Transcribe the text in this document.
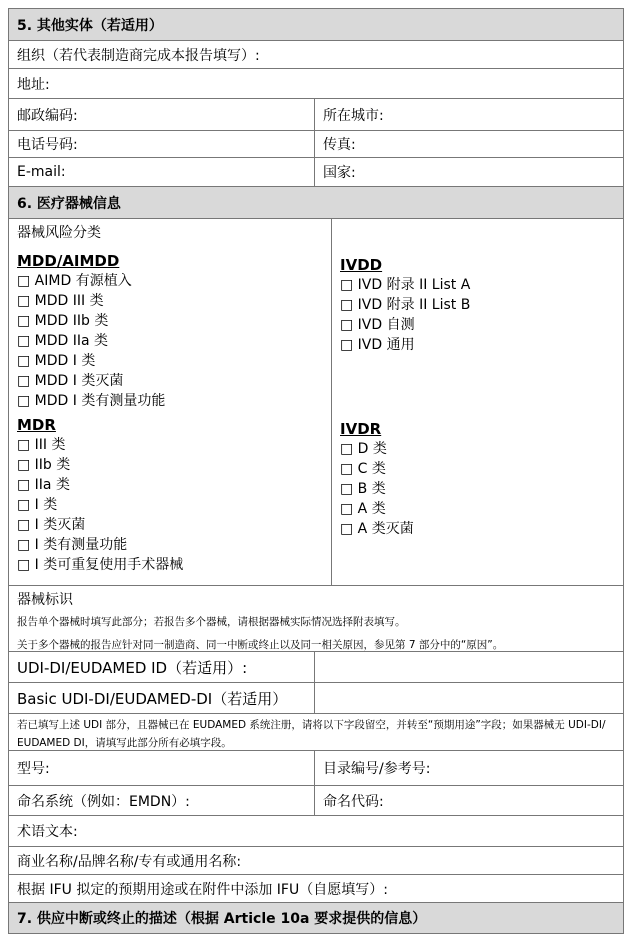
5. 其他实体（若适用）
组织（若代表制造商完成本报告填写）:
地址:
邮政编码:	所在城市:
电话号码:	传真:
E-mail:	国家:
6. 医疗器械信息
器械风险分类
MDD/AIMDD
□ AIMD 有源植入
□ MDD III 类
□ MDD IIb 类
□ MDD IIa 类
□ MDD I 类
□ MDD I 类灭菌
□ MDD I 类有测量功能
MDR
□ III 类
□ IIb 类
□ IIa 类
□ I 类
□ I 类灭菌
□ I 类有测量功能
□ I 类可重复使用手术器械
IVDD
□ IVD 附录 II List A
□ IVD 附录 II List B
□ IVD 自测
□ IVD 通用
IVDR
□ D 类
□ C 类
□ B 类
□ A 类
□ A 类灭菌
器械标识
报告单个器械时填写此部分；若报告多个器械，请根据器械实际情况选择附表填写。
关于多个器械的报告应针对同一制造商、同一中断或终止以及同一相关原因，参见第 7 部分中的“原因”。
UDI-DI/EUDAMED ID（若适用）:
Basic UDI-DI/EUDAMED-DI（若适用）
若已填写上述 UDI 部分，且器械已在 EUDAMED 系统注册，请将以下字段留空，并转至“预期用途”字段；如果器械无 UDI-DI/ EUDAMED DI，请填写此部分所有必填字段。
型号:	目录编号/参考号:
命名系统（例如：EMDN）:	命名代码:
术语文本:
商业名称/品牌名称/专有或通用名称:
根据 IFU 拟定的预期用途或在附件中添加 IFU（自愿填写）:
7. 供应中断或终止的描述（根据 Article 10a 要求提供的信息）
